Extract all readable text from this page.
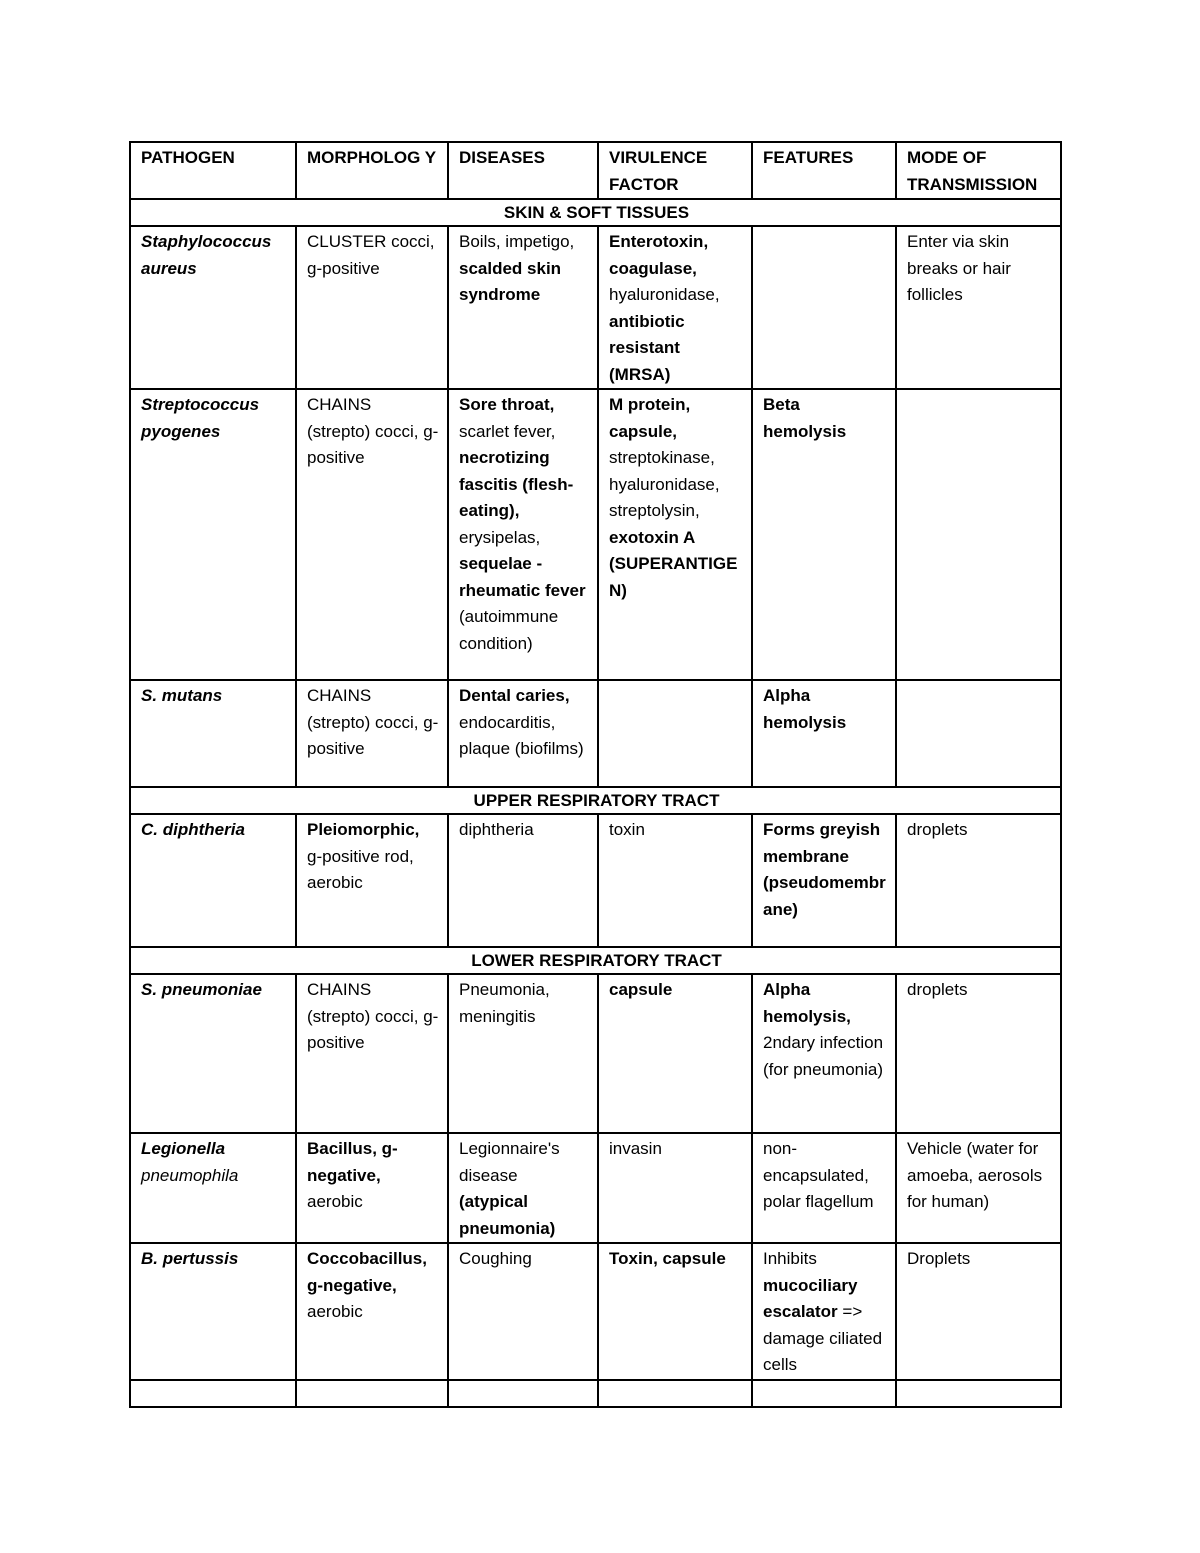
PATHOGEN	MORPHOLOG Y	DISEASES	VIRULENCE FACTOR	FEATURES	MODE OF TRANSMISSION
SKIN & SOFT TISSUES					

Staphylococcus
aureus	CLUSTER cocci, g-positive	Boils, impetigo, scalded skin syndrome	Enterotoxin, coagulase, hyaluronidase, antibiotic resistant (MRSA)		Enter via skin breaks or hair follicles

Streptococcus
pyogenes	CHAINS (strepto) cocci, g-positive	Sore throat, scarlet fever, necrotizing fascitis (flesh-eating), erysipelas, sequelae - rheumatic fever (autoimmune condition)	M protein, capsule, streptokinase, hyaluronidase, streptolysin, exotoxin A (SUPERANTIGEN)	Beta hemolysis	
S. mutans	CHAINS (strepto) cocci, g-positive	Dental caries, endocarditis, plaque (biofilms)		Alpha hemolysis	
UPPER RESPIRATORY TRACT					
C. diphtheria	Pleiomorphic, g-positive rod, aerobic	diphtheria	toxin	Forms greyish membrane (pseudomembrane)	droplets
LOWER RESPIRATORY TRACT					
S. pneumoniae	CHAINS (strepto) cocci, g-positive	Pneumonia, meningitis	capsule	Alpha hemolysis, 2ndary infection (for pneumonia)	droplets

Legionella
pneumophila	Bacillus, g-negative, aerobic	Legionnaire's disease (atypical pneumonia)	invasin	non-encapsulated, polar flagellum	Vehicle (water for amoeba, aerosols for human)
B. pertussis	Coccobacillus, g-negative, aerobic	Coughing	Toxin, capsule	Inhibits mucociliary escalator => damage ciliated cells	Droplets
